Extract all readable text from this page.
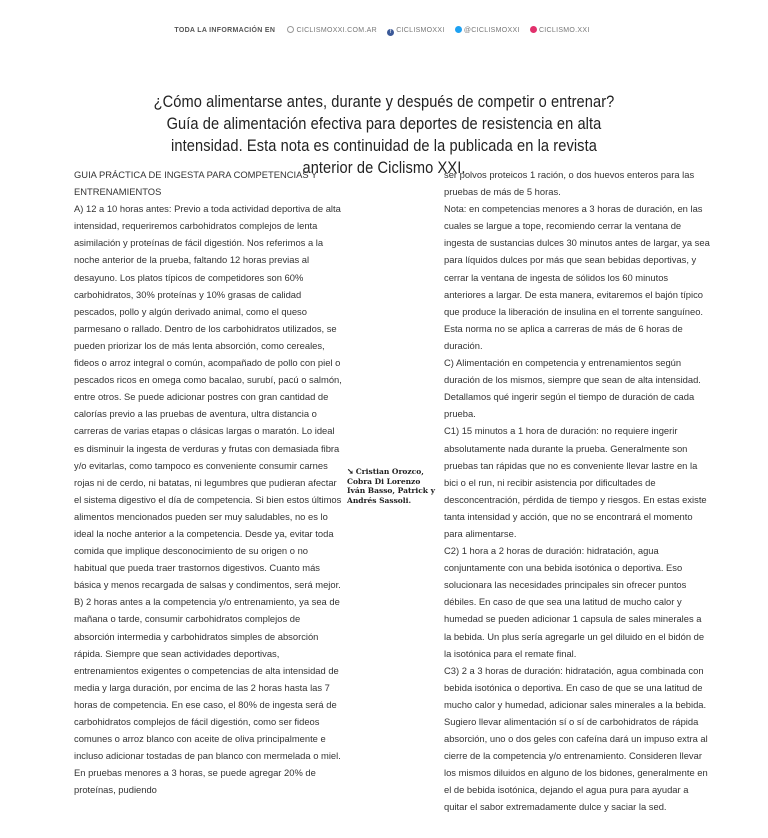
TODA LA INFORMACIÓN EN	CICLISMOXXI.COM.AR	f CICLISMOXXI	@CICLISMOXXI	CICLISMO.XXI
¿Cómo alimentarse antes, durante y después de competir o entrenar? Guía de alimentación efectiva para deportes de resistencia en alta intensidad. Esta nota es continuidad de la publicada en la revista anterior de Ciclismo XXI.

GUIA PRÁCTICA DE INGESTA PARA COMPETENCIAS Y ENTRENAMIENTOS

A) 12 a 10 horas antes: Previo a toda actividad deportiva de alta intensidad, requeriremos carbohidratos complejos de lenta asimilación y proteínas de fácil digestión. Nos referimos a la noche anterior de la prueba, faltando 12 horas previas al desayuno. Los platos típicos de competidores son 60% carbohidratos, 30% proteínas y 10% grasas de calidad pescados, pollo y algún derivado animal, como el queso parmesano o rallado. Dentro de los carbohidratos utilizados, se pueden priorizar los de más lenta absorción, como cereales, fideos o arroz integral o común, acompañado de pollo con piel o pescados ricos en omega como bacalao, surubí, pacú o salmón, entre otros. Se puede adicionar postres con gran cantidad de calorías previo a las pruebas de aventura, ultra distancia o carreras de varias etapas o clásicas largas o maratón. Lo ideal es disminuir la ingesta de verduras y frutas con demasiada fibra y/o evitarlas, como tampoco es conveniente consumir carnes rojas ni de cerdo, ni batatas, ni legumbres que pudieran afectar el sistema digestivo el día de competencia. Si bien estos últimos alimentos mencionados pueden ser muy saludables, no es lo ideal la noche anterior a la competencia. Desde ya, evitar toda comida que implique desconocimiento de su origen o no habitual que pueda traer trastornos digestivos. Cuanto más básica y menos recargada de salsas y condimentos, será mejor.

B) 2 horas antes a la competencia y/o entrenamiento, ya sea de mañana o tarde, consumir carbohidratos complejos de absorción intermedia y carbohidratos simples de absorción rápida. Siempre que sean actividades deportivas, entrenamientos exigentes o competencias de alta intensidad de media y larga duración, por encima de las 2 horas hasta las 7 horas de competencia. En ese caso, el 80% de ingesta será de carbohidratos complejos de fácil digestión, como ser fideos comunes o arroz blanco con aceite de oliva principalmente e incluso adicionar tostadas de pan blanco con mermelada o miel. En pruebas menores a 3 horas, se puede agregar 20% de proteínas, pudiendo

➘ Cristian Orozco, Cobra Di Lorenzo Iván Basso, Patrick y Andrés Sassoli.

ser polvos proteicos 1 ración, o dos huevos enteros para las pruebas de más de 5 horas.

Nota: en competencias menores a 3 horas de duración, en las cuales se largue a tope, recomiendo cerrar la ventana de ingesta de sustancias dulces 30 minutos antes de largar, ya sea para líquidos dulces por más que sean bebidas deportivas, y cerrar la ventana de ingesta de sólidos los 60 minutos anteriores a largar. De esta manera, evitaremos el bajón típico que produce la liberación de insulina en el torrente sanguíneo. Esta norma no se aplica a carreras de más de 6 horas de duración.

C) Alimentación en competencia y entrenamientos según duración de los mismos, siempre que sean de alta intensidad. Detallamos qué ingerir según el tiempo de duración de cada prueba.

C1) 15 minutos a 1 hora de duración: no requiere ingerir absolutamente nada durante la prueba. Generalmente son pruebas tan rápidas que no es conveniente llevar lastre en la bici o el run, ni recibir asistencia por dificultades de desconcentración, pérdida de tiempo y riesgos. En estas existe tanta intensidad y acción, que no se encontrará el momento para alimentarse.

C2) 1 hora a 2 horas de duración: hidratación, agua conjuntamente con una bebida isotónica o deportiva. Eso solucionara las necesidades principales sin ofrecer puntos débiles. En caso de que sea una latitud de mucho calor y humedad se pueden adicionar 1 capsula de sales minerales a la bebida. Un plus sería agregarle un gel diluido en el bidón de la isotónica para el remate final.

C3) 2 a 3 horas de duración: hidratación, agua combinada con bebida isotónica o deportiva. En caso de que se una latitud de mucho calor y humedad, adicionar sales minerales a la bebida. Sugiero llevar alimentación sí o sí de carbohidratos de rápida absorción, uno o dos geles con cafeína dará un impuso extra al cierre de la competencia y/o entrenamiento. Consideren llevar los mismos diluidos en alguno de los bidones, generalmente en el de bebida isotónica, dejando el agua pura para ayudar a quitar el sabor extremadamente dulce y saciar la sed.
